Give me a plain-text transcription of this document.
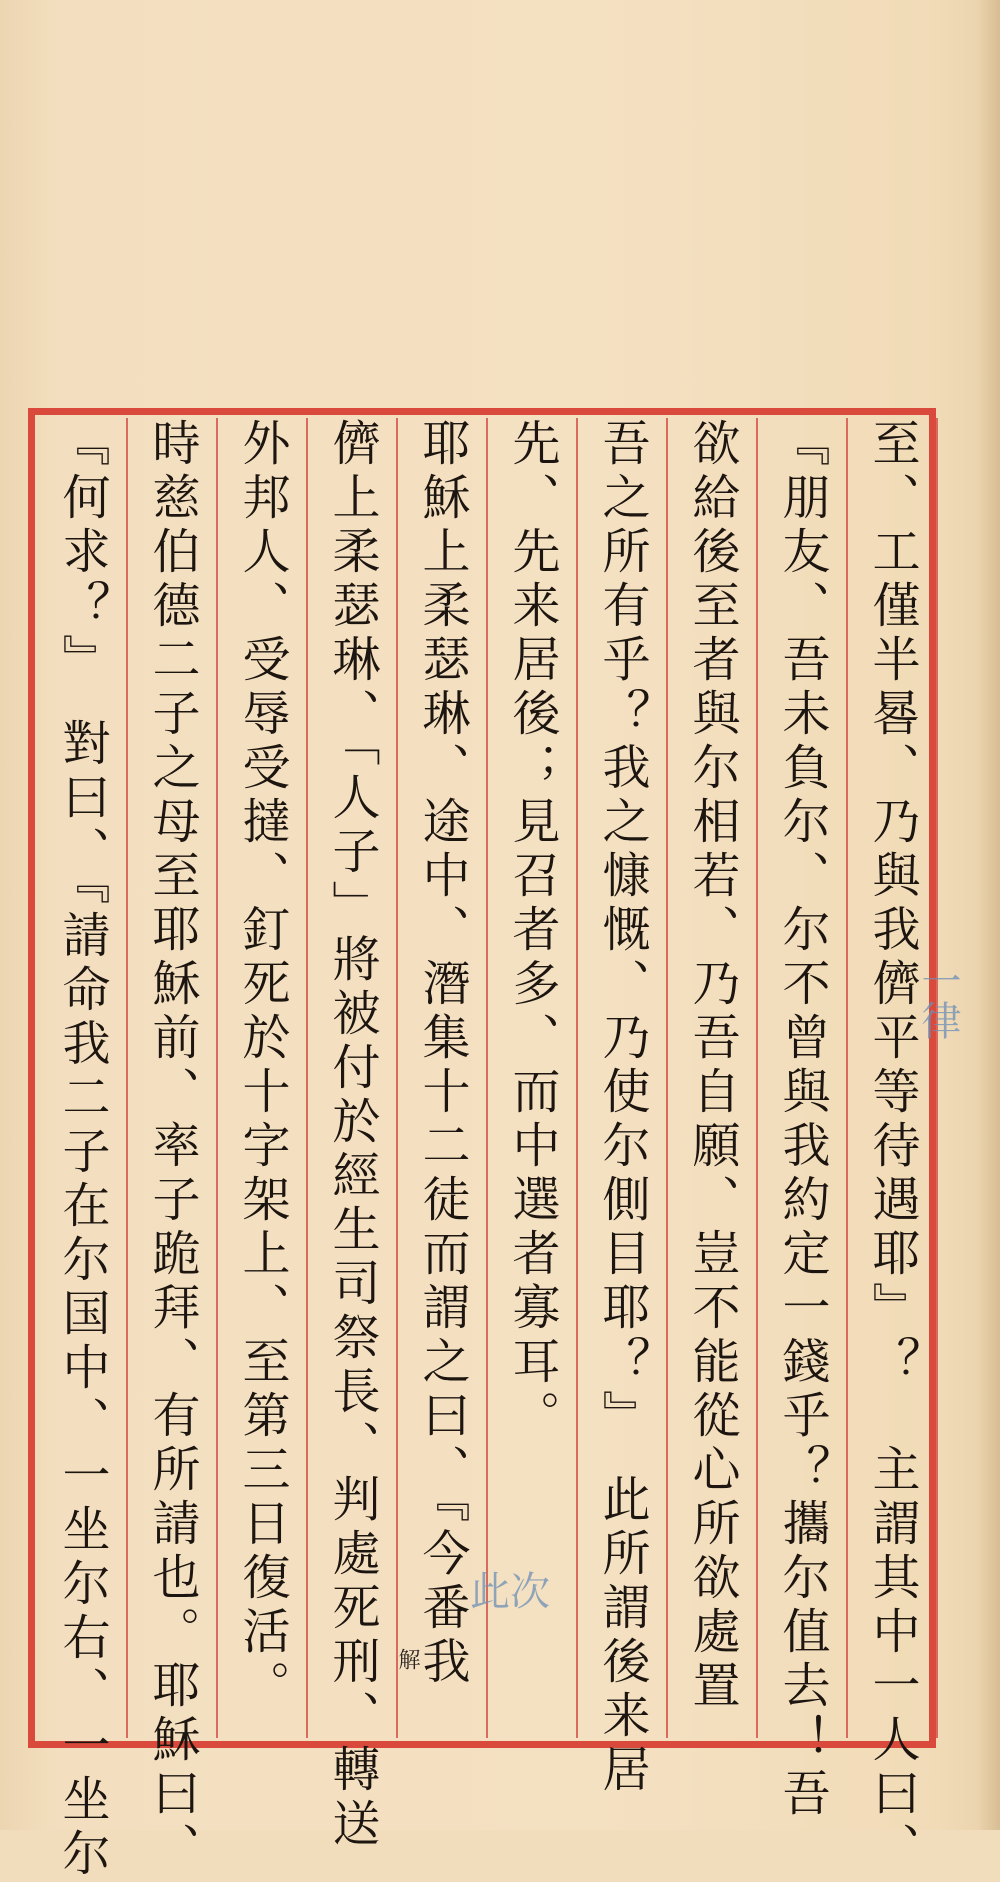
至、工僅半晷、乃與我儕平等待遇耶』？　主謂其中一人曰、
『朋友、吾未負尔、尔不曾與我約定一錢乎？攜尔值去！吾
欲給後至者與尔相若、乃吾自願、豈不能從心所欲處置
吾之所有乎？我之慷慨、乃使尔側目耶？』　此所謂後来居
先、先来居後；見召者多、而中選者寡耳。
耶穌上柔瑟琳、途中、潛集十二徒而謂之曰、『今番我
儕上柔瑟琳、「人子」將被付於經生司祭長、判處死刑、轉送
外邦人、受辱受撻、釘死於十字架上、至第三日復活。
時慈伯德二子之母至耶穌前、率子跪拜、有所請也。耶穌曰、
『何求？』　對曰、『請命我二子在尔国中、一坐尔右、一坐尔	一律
此次
解
